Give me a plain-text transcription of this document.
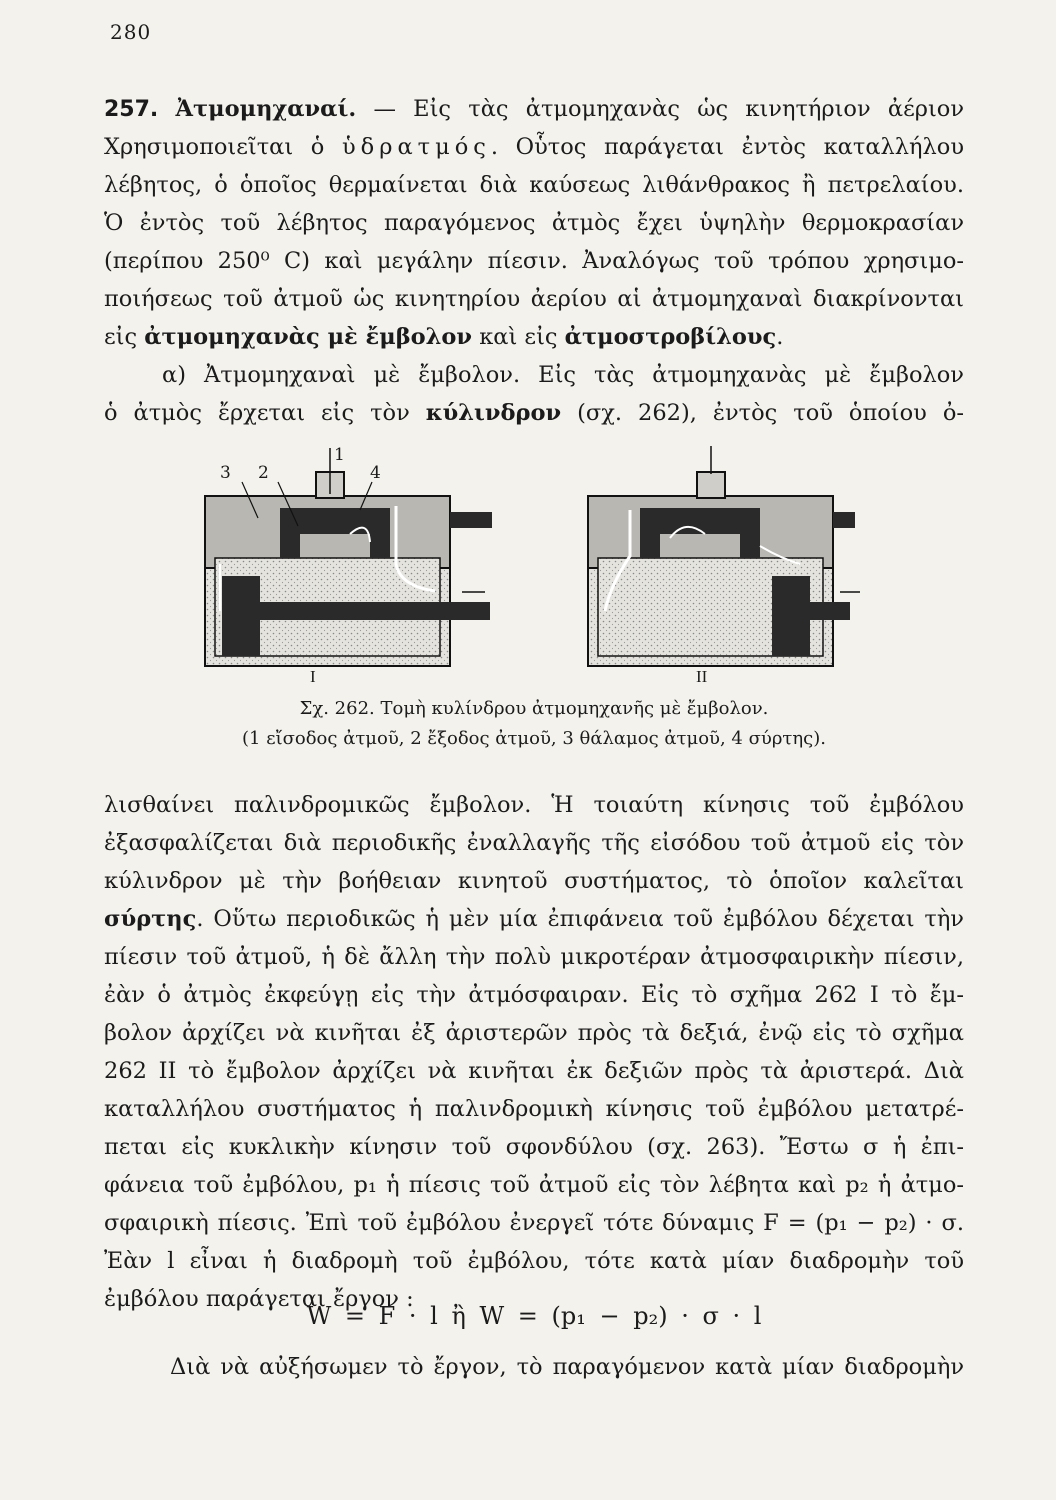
280
257. Ἀτμομηχαναί. — Εἰς τὰς ἀτμομηχανὰς ὡς κινητήριον ἀέριον
Χρησιμοποιεῖται ὁ ὑδρατμός. Οὗτος παράγεται ἐντὸς καταλλήλου
λέβητος, ὁ ὁποῖος θερμαίνεται διὰ καύσεως λιθάνθρακος ἢ πετρελαίου.
Ὁ ἐντὸς τοῦ λέβητος παραγόμενος ἀτμὸς ἔχει ὑψηλὴν θερμοκρασίαν
(περίπου 250⁰ C) καὶ μεγάλην πίεσιν. Ἀναλόγως τοῦ τρόπου χρησιμο-
ποιήσεως τοῦ ἀτμοῦ ὡς κινητηρίου ἀερίου αἱ ἀτμομηχαναὶ διακρίνονται
εἰς ἀτμομηχανὰς μὲ ἔμβολον καὶ εἰς ἀτμοστροβίλους.
α) Ἀτμομηχαναὶ μὲ ἔμβολον. Εἰς τὰς ἀτμομηχανὰς μὲ ἔμβολον
ὁ ἀτμὸς ἔρχεται εἰς τὸν κύλινδρον (σχ. 262), ἐντὸς τοῦ ὁποίου ὀ-
1
2
3	4
I	II
Σχ. 262. Τομὴ κυλίνδρου ἀτμομηχανῆς μὲ ἔμβολον.
(1 εἴσοδος ἀτμοῦ, 2 ἔξοδος ἀτμοῦ, 3 θάλαμος ἀτμοῦ, 4 σύρτης).
λισθαίνει παλινδρομικῶς ἔμβολον. Ἡ τοιαύτη κίνησις τοῦ ἐμβόλου
ἐξασφαλίζεται διὰ περιοδικῆς ἐναλλαγῆς τῆς εἰσόδου τοῦ ἀτμοῦ εἰς τὸν
κύλινδρον μὲ τὴν βοήθειαν κινητοῦ συστήματος, τὸ ὁποῖον καλεῖται
σύρτης. Οὕτω περιοδικῶς ἡ μὲν μία ἐπιφάνεια τοῦ ἐμβόλου δέχεται τὴν
πίεσιν τοῦ ἀτμοῦ, ἡ δὲ ἄλλη τὴν πολὺ μικροτέραν ἀτμοσφαιρικὴν πίεσιν,
ἐὰν ὁ ἀτμὸς ἐκφεύγῃ εἰς τὴν ἀτμόσφαιραν. Εἰς τὸ σχῆμα 262 I τὸ ἔμ-
βολον ἀρχίζει νὰ κινῆται ἐξ ἀριστερῶν πρὸς τὰ δεξιά, ἐνῷ εἰς τὸ σχῆμα
262 II τὸ ἔμβολον ἀρχίζει νὰ κινῆται ἐκ δεξιῶν πρὸς τὰ ἀριστερά. Διὰ
καταλλήλου συστήματος ἡ παλινδρομικὴ κίνησις τοῦ ἐμβόλου μετατρέ-
πεται εἰς κυκλικὴν κίνησιν τοῦ σφονδύλου (σχ. 263). Ἔστω σ ἡ ἐπι-
φάνεια τοῦ ἐμβόλου, p₁ ἡ πίεσις τοῦ ἀτμοῦ εἰς τὸν λέβητα καὶ p₂ ἡ ἀτμο-
σφαιρικὴ πίεσις. Ἐπὶ τοῦ ἐμβόλου ἐνεργεῖ τότε δύναμις F = (p₁ − p₂) · σ.
Ἐὰν l εἶναι ἡ διαδρομὴ τοῦ ἐμβόλου, τότε κατὰ μίαν διαδρομὴν τοῦ
ἐμβόλου παράγεται ἔργον :
W = F · l ἢ W = (p₁ − p₂) · σ · l
Διὰ νὰ αὐξήσωμεν τὸ ἔργον, τὸ παραγόμενον κατὰ μίαν διαδρομὴν
